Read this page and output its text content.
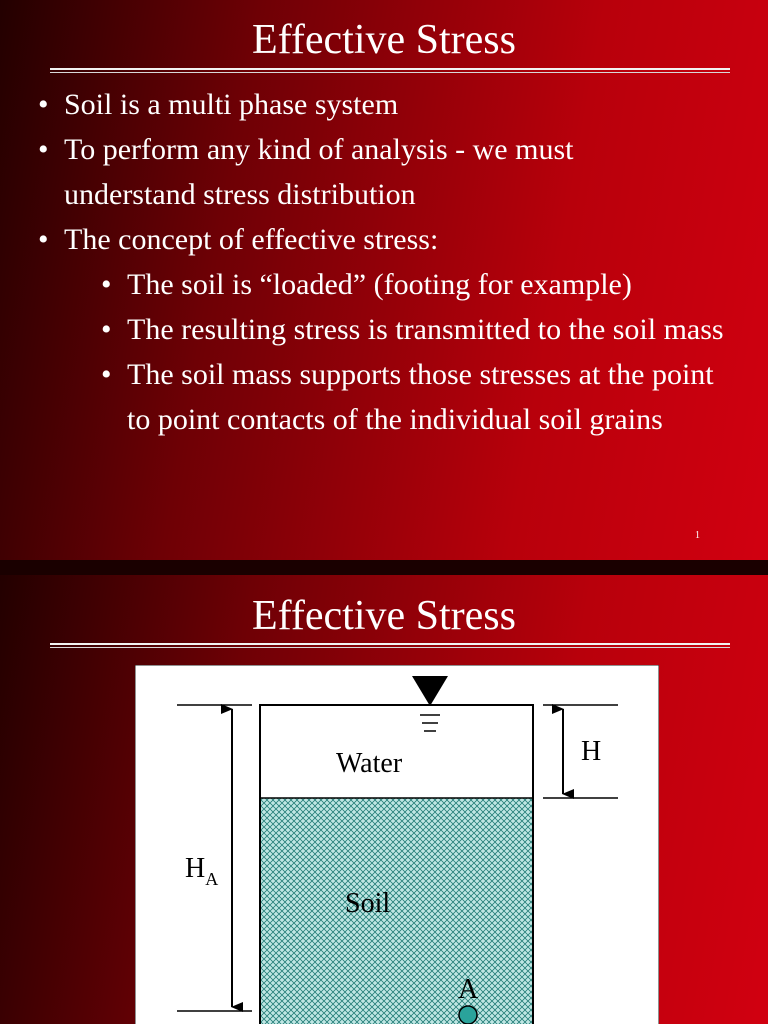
Effective Stress
• Soil is a multi phase system
• To perform any kind of analysis - we must understand stress distribution
• The concept of effective stress:
• The soil is “loaded” (footing for example)
• The resulting stress is transmitted to the soil mass
• The soil mass supports those stresses at the point to point contacts of the individual soil grains
1
Effective Stress
H
$H_A$
Water
Soil
A
